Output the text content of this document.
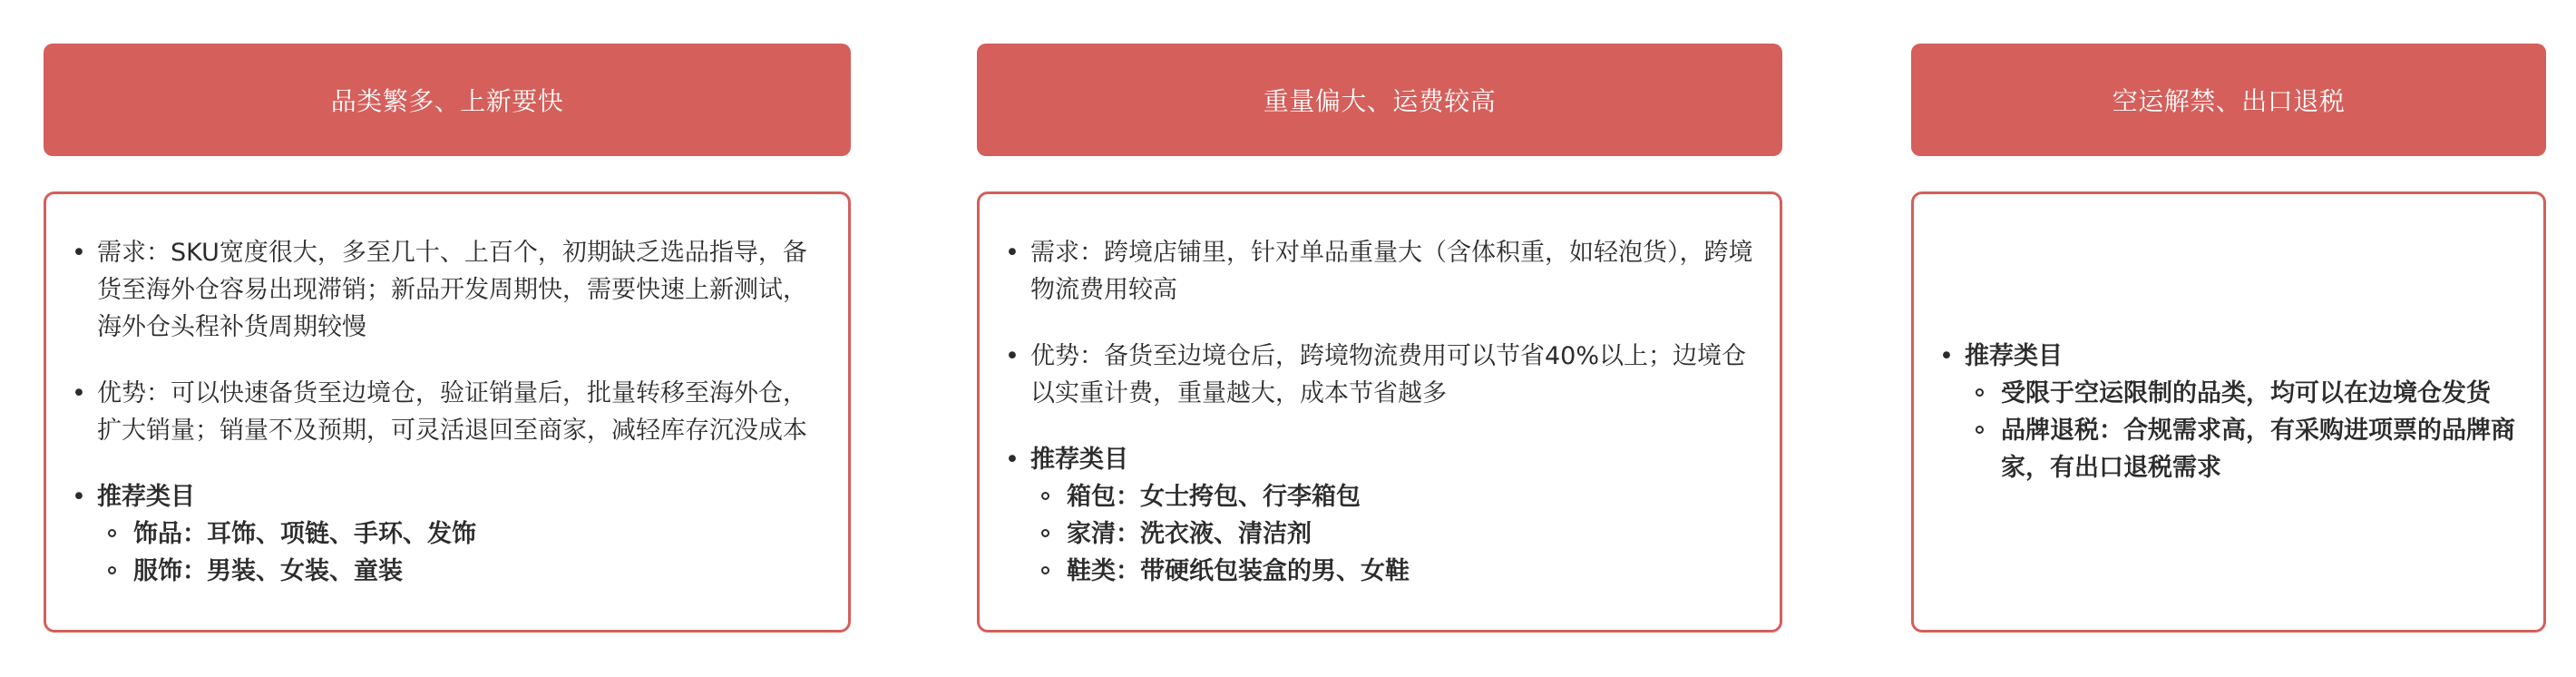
品类繁多、上新要快
• 需求：SKU宽度很大，多至几十、上百个，初期缺乏选品指导，备货至海外仓容易出现滞销；新品开发周期快，需要快速上新测试，海外仓头程补货周期较慢
• 优势：可以快速备货至边境仓，验证销量后，批量转移至海外仓，扩大销量；销量不及预期，可灵活退回至商家，减轻库存沉没成本
• 推荐类目
饰品：耳饰、项链、手环、发饰
服饰：男装、女装、童装
重量偏大、运费较高
• 需求：跨境店铺里，针对单品重量大（含体积重，如轻泡货），跨境物流费用较高
• 优势：备货至边境仓后，跨境物流费用可以节省40%以上；边境仓以实重计费，重量越大，成本节省越多
• 推荐类目
箱包：女士挎包、行李箱包
家清：洗衣液、清洁剂
鞋类：带硬纸包装盒的男、女鞋
空运解禁、出口退税
• 推荐类目
受限于空运限制的品类，均可以在边境仓发货
品牌退税：合规需求高，有采购进项票的品牌商家，有出口退税需求
